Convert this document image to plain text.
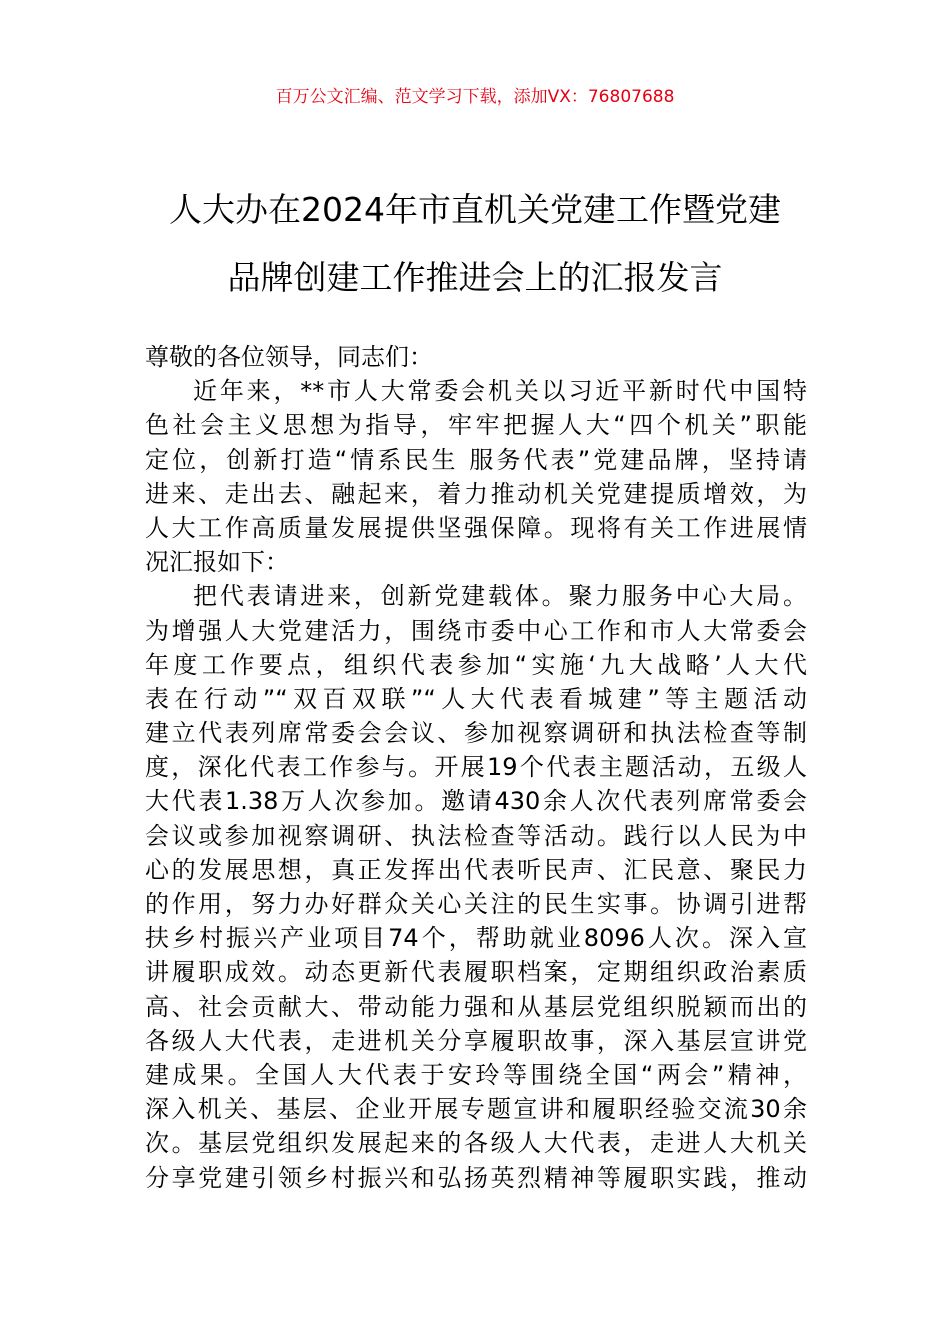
百万公文汇编、范文学习下载，添加VX：76807688
人大办在2024年市直机关党建工作暨党建
品牌创建工作推进会上的汇报发言
尊敬的各位领导，同志们：
近年来，**市人大常委会机关以习近平新时代中国特
色社会主义思想为指导，牢牢把握人大“四个机关”职能
定位，创新打造“情系民生 服务代表”党建品牌，坚持请
进来、走出去、融起来，着力推动机关党建提质增效，为
人大工作高质量发展提供坚强保障。现将有关工作进展情
况汇报如下：
把代表请进来，创新党建载体。聚力服务中心大局。
为增强人大党建活力，围绕市委中心工作和市人大常委会
年度工作要点，组织代表参加“实施‘九大战略’人大代
表在行动”“双百双联”“人大代表看城建”等主题活动
建立代表列席常委会会议、参加视察调研和执法检查等制
度，深化代表工作参与。开展19个代表主题活动，五级人
大代表1.38万人次参加。邀请430余人次代表列席常委会
会议或参加视察调研、执法检查等活动。践行以人民为中
心的发展思想，真正发挥出代表听民声、汇民意、聚民力
的作用，努力办好群众关心关注的民生实事。协调引进帮
扶乡村振兴产业项目74个，帮助就业8096人次。深入宣
讲履职成效。动态更新代表履职档案，定期组织政治素质
高、社会贡献大、带动能力强和从基层党组织脱颖而出的
各级人大代表，走进机关分享履职故事，深入基层宣讲党
建成果。全国人大代表于安玲等围绕全国“两会”精神，
深入机关、基层、企业开展专题宣讲和履职经验交流30余
次。基层党组织发展起来的各级人大代表，走进人大机关
分享党建引领乡村振兴和弘扬英烈精神等履职实践，推动
